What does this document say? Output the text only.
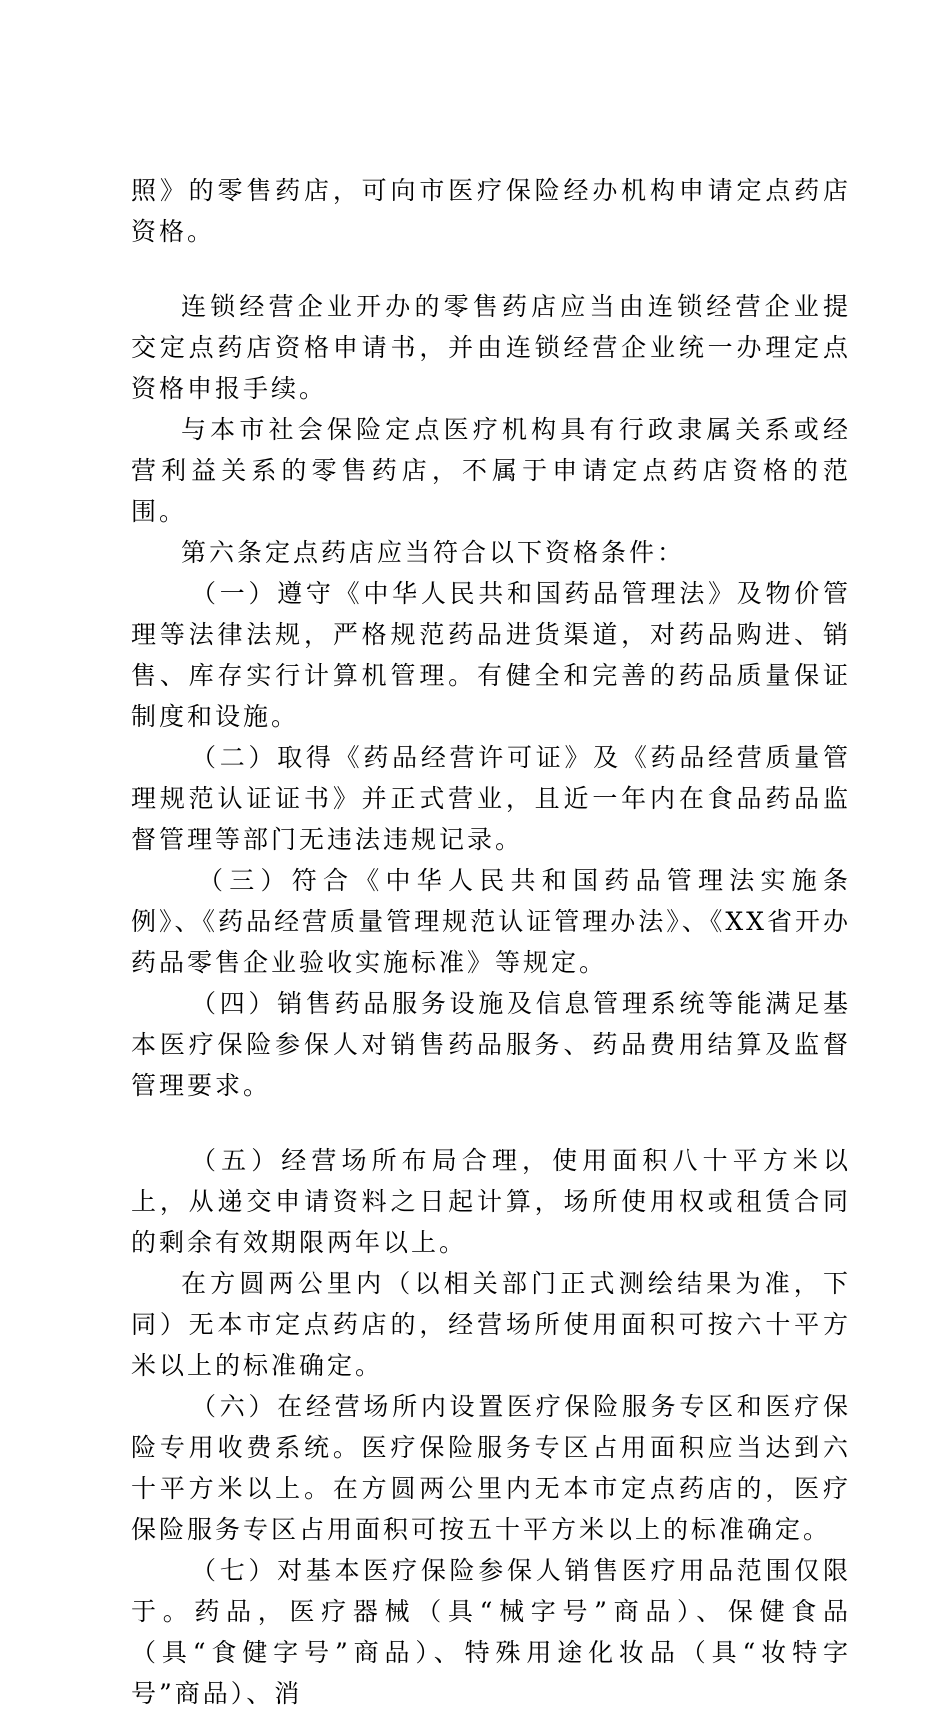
照》的零售药店，可向市医疗保险经办机构申请定点药店资格。

连锁经营企业开办的零售药店应当由连锁经营企业提交定点药店资格申请书，并由连锁经营企业统一办理定点资格申报手续。

与本市社会保险定点医疗机构具有行政隶属关系或经营利益关系的零售药店，不属于申请定点药店资格的范围。

第六条定点药店应当符合以下资格条件：

（一）遵守《中华人民共和国药品管理法》及物价管理等法律法规，严格规范药品进货渠道，对药品购进、销售、库存实行计算机管理。有健全和完善的药品质量保证制度和设施。

（二）取得《药品经营许可证》及《药品经营质量管理规范认证证书》并正式营业，且近一年内在食品药品监督管理等部门无违法违规记录。

（三）符合《中华人民共和国药品管理法实施条例》、《药品经营质量管理规范认证管理办法》、《XX省开办药品零售企业验收实施标准》等规定。

（四）销售药品服务设施及信息管理系统等能满足基本医疗保险参保人对销售药品服务、药品费用结算及监督管理要求。

（五）经营场所布局合理，使用面积八十平方米以上，从递交申请资料之日起计算，场所使用权或租赁合同的剩余有效期限两年以上。

在方圆两公里内（以相关部门正式测绘结果为准，下同）无本市定点药店的，经营场所使用面积可按六十平方米以上的标准确定。

（六）在经营场所内设置医疗保险服务专区和医疗保险专用收费系统。医疗保险服务专区占用面积应当达到六十平方米以上。在方圆两公里内无本市定点药店的，医疗保险服务专区占用面积可按五十平方米以上的标准确定。

（七）对基本医疗保险参保人销售医疗用品范围仅限于。药品，医疗器械（具“械字号”商品）、保健食品（具“食健字号”商品）、特殊用途化妆品（具“妆特字号”商品）、消
